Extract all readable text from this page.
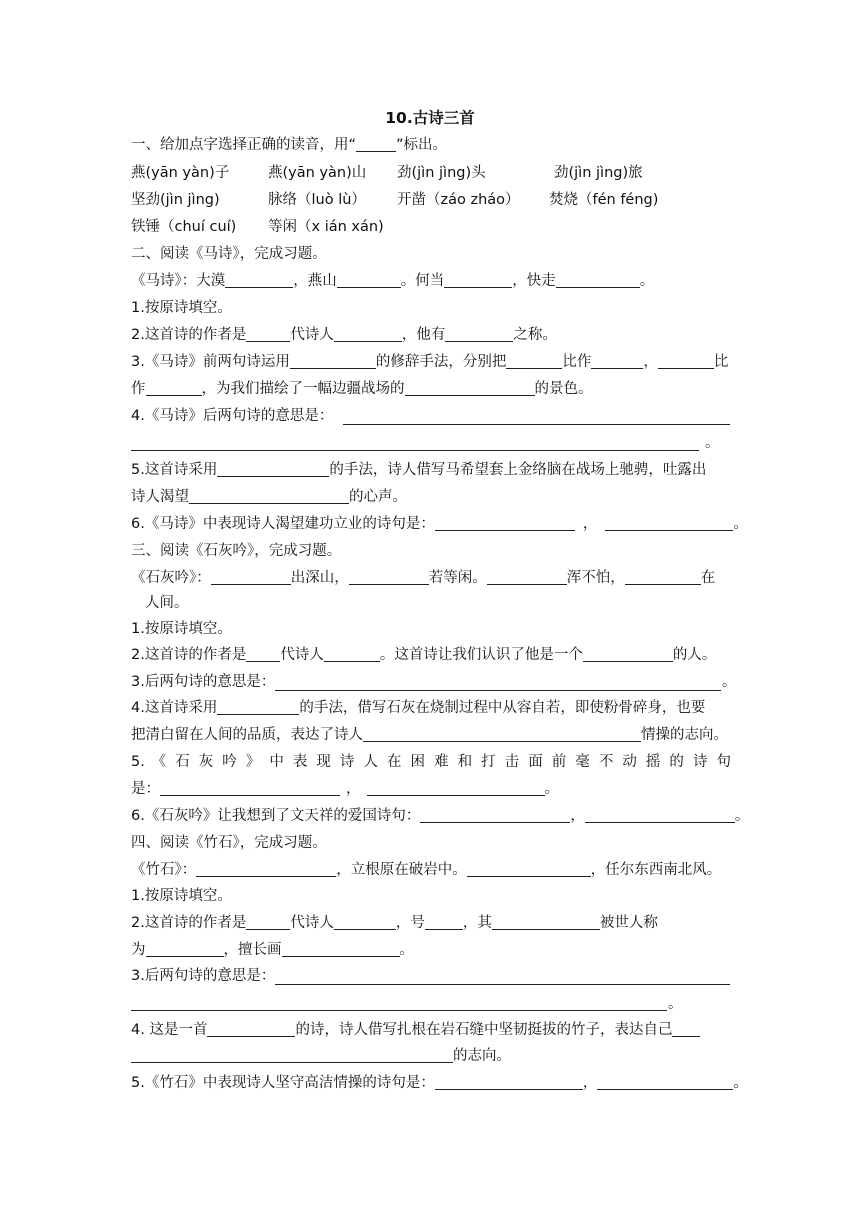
10.古诗三首
一、给加点字选择正确的读音，用“	”标出。
燕(yān yàn)子	燕(yān yàn)山 劲(jìn jìng)头	劲(jìn jìng)旅
坚劲(jìn jìng)	脉络（luò lù） 开凿（záo zháo） 焚烧（fén féng)
铁锤（chuí cuí) 等闲（x ián xán)
二、阅读《马诗》，完成习题。
《马诗》：大漠	，燕山	。何当	，快走	。
1.按原诗填空。
2.这首诗的作者是	代诗人	，他有	之称。
3.《马诗》前两句诗运用	的修辞手法，分别把	比作	，	比
作	，为我们描绘了一幅边疆战场的	的景色。
4.《马诗》后两句诗的意思是：
。
5.这首诗采用	的手法，诗人借写马希望套上金络脑在战场上驰骋，吐露出
诗人渴望	的心声。
6.《马诗》中表现诗人渴望建功立业的诗句是：	，	。
三、阅读《石灰吟》，完成习题。
《石灰吟》：	出深山，	若等闲。	浑不怕，	在
人间。
1.按原诗填空。
2.这首诗的作者是 代诗人	。这首诗让我们认识了他是一个	的人。
3.后两句诗的意思是：	。
4.这首诗采用	的手法，借写石灰在烧制过程中从容自若，即使粉骨碎身，也要
把清白留在人间的品质，表达了诗人	情操的志向。
5. 《 石 灰 吟 》 中 表 现 诗 人 在 困 难 和 打 击 面 前 毫 不 动 摇 的 诗 句
是：	，	。
6.《石灰吟》让我想到了文天祥的爱国诗句：	，	。
四、阅读《竹石》，完成习题。
《竹石》：	，立根原在破岩中。	，任尔东西南北风。
1.按原诗填空。
2.这首诗的作者是	代诗人	，号	，其	被世人称
为	，擅长画	。
3.后两句诗的意思是：
。
4. 这是一首	的诗，诗人借写扎根在岩石缝中坚韧挺拔的竹子，表达自己
的志向。
5.《竹石》中表现诗人坚守高洁情操的诗句是：	，	。
